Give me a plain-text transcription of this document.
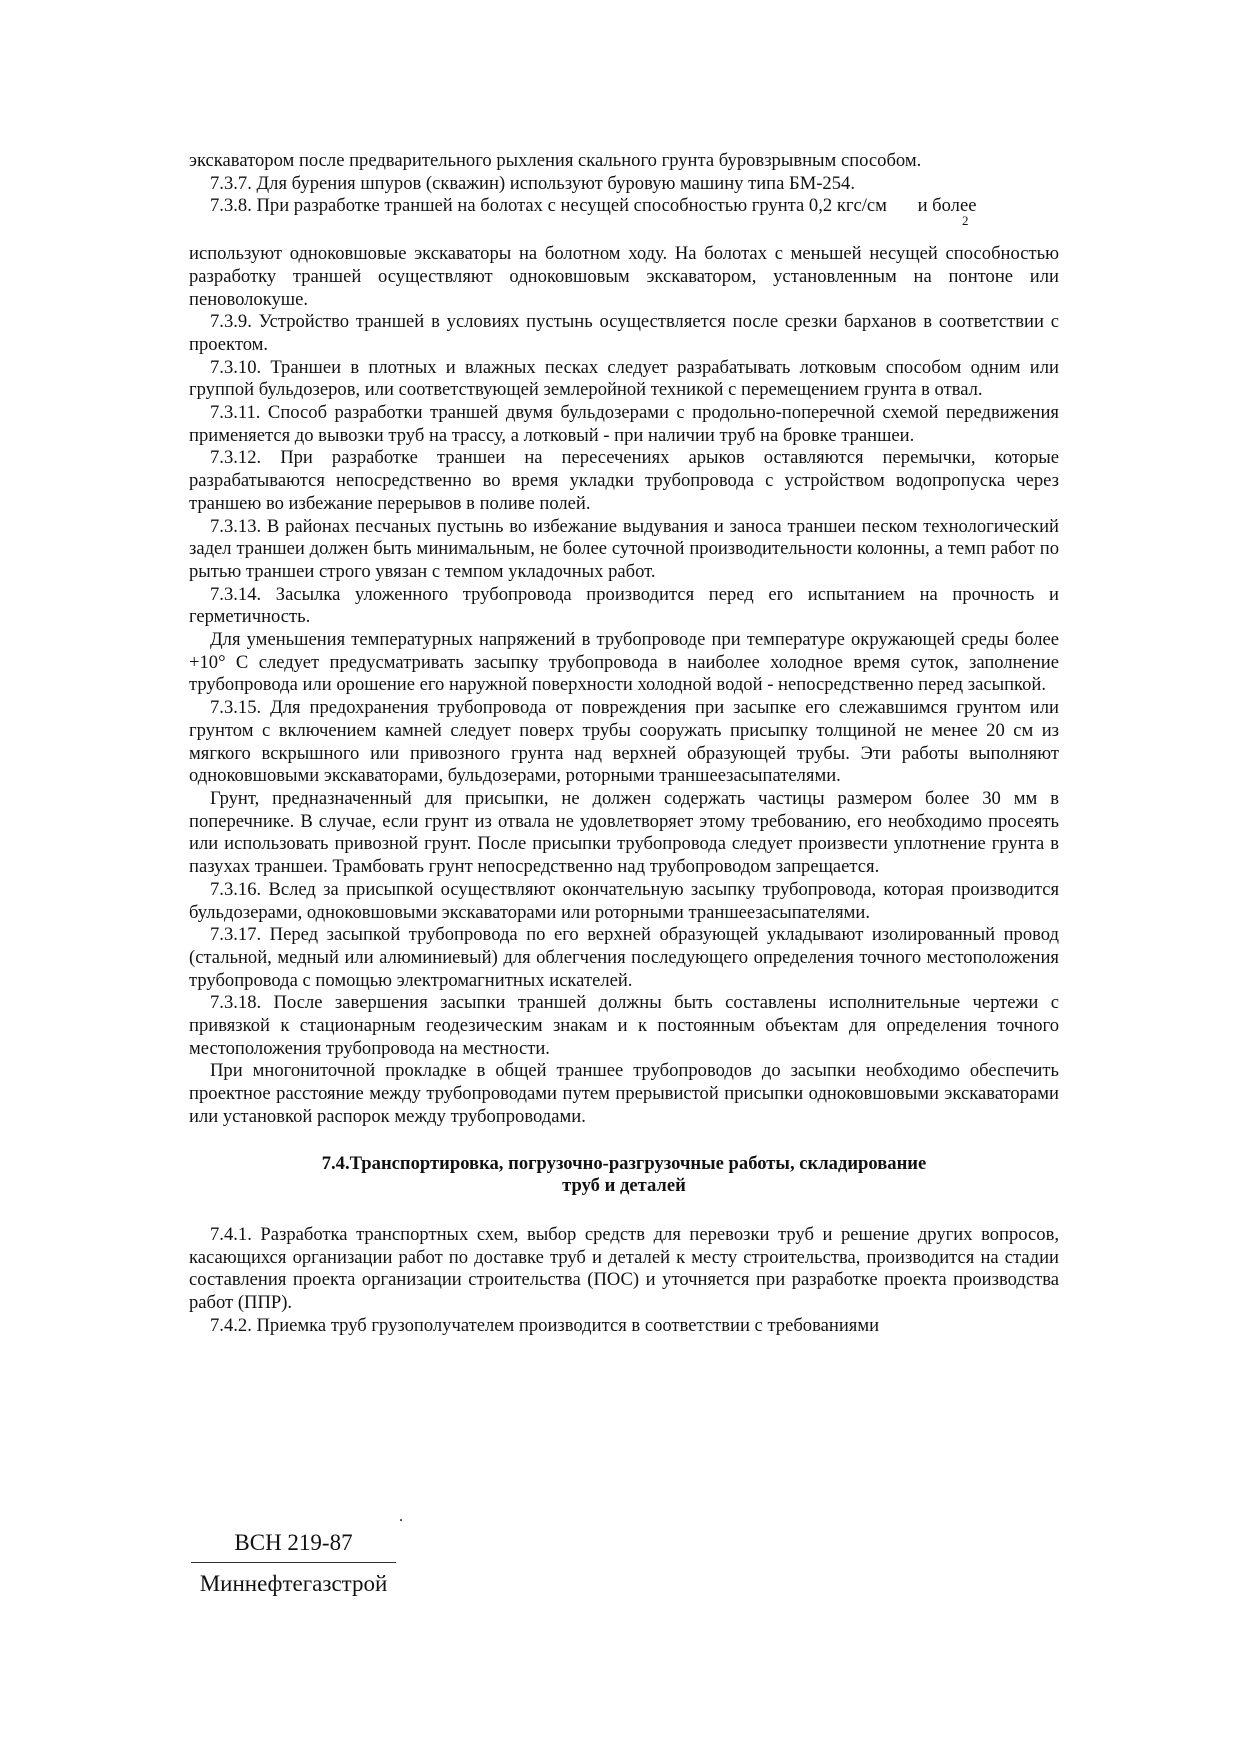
экскаватором после предварительного рыхления скального грунта буровзрывным способом.

7.3.7. Для бурения шпуров (скважин) используют буровую машину типа БМ-254.

7.3.8. При разработке траншей на болотах с несущей способностью грунта 0,2 кгс/см и более

2

используют одноковшовые экскаваторы на болотном ходу. На болотах с меньшей несущей способностью разработку траншей осуществляют одноковшовым экскаватором, установленным на понтоне или пеноволокуше.

7.3.9. Устройство траншей в условиях пустынь осуществляется после срезки барханов в соответствии с проектом.

7.3.10. Траншеи в плотных и влажных песках следует разрабатывать лотковым способом одним или группой бульдозеров, или соответствующей землеройной техникой с перемещением грунта в отвал.

7.3.11. Способ разработки траншей двумя бульдозерами с продольно-поперечной схемой передвижения применяется до вывозки труб на трассу, а лотковый - при наличии труб на бровке траншеи.

7.3.12. При разработке траншеи на пересечениях арыков оставляются перемычки, которые разрабатываются непосредственно во время укладки трубопровода с устройством водопропуска через траншею во избежание перерывов в поливе полей.

7.3.13. В районах песчаных пустынь во избежание выдувания и заноса траншеи песком технологический задел траншеи должен быть минимальным, не более суточной производительности колонны, а темп работ по рытью траншеи строго увязан с темпом укладочных работ.

7.3.14. Засылка уложенного трубопровода производится перед его испытанием на прочность и герметичность.

Для уменьшения температурных напряжений в трубопроводе при температуре окружающей среды более +10° С следует предусматривать засыпку трубопровода в наиболее холодное время суток, заполнение трубопровода или орошение его наружной поверхности холодной водой - непосредственно перед засыпкой.

7.3.15. Для предохранения трубопровода от повреждения при засыпке его слежавшимся грунтом или грунтом с включением камней следует поверх трубы сооружать присыпку толщиной не менее 20 см из мягкого вскрышного или привозного грунта над верхней образующей трубы. Эти работы выполняют одноковшовыми экскаваторами, бульдозерами, роторными траншеезасыпателями.

Грунт, предназначенный для присыпки, не должен содержать частицы размером более 30 мм в поперечнике. В случае, если грунт из отвала не удовлетворяет этому требованию, его необходимо просеять или использовать привозной грунт. После присыпки трубопровода следует произвести уплотнение грунта в пазухах траншеи. Трамбовать грунт непосредственно над трубопроводом запрещается.

7.3.16. Вслед за присыпкой осуществляют окончательную засыпку трубопровода, которая производится бульдозерами, одноковшовыми экскаваторами или роторными траншеезасыпателями.

7.3.17. Перед засыпкой трубопровода по его верхней образующей укладывают изолированный провод (стальной, медный или алюминиевый) для облегчения последующего определения точного местоположения трубопровода с помощью электромагнитных искателей.

7.3.18. После завершения засыпки траншей должны быть составлены исполнительные чертежи с привязкой к стационарным геодезическим знакам и к постоянным объектам для определения точного местоположения трубопровода на местности.

При многониточной прокладке в общей траншее трубопроводов до засыпки необходимо обеспечить проектное расстояние между трубопроводами путем прерывистой присыпки одноковшовыми экскаваторами или установкой распорок между трубопроводами.

7.4.Транспортировка, погрузочно-разгрузочные работы, складирование
труб и деталей

7.4.1. Разработка транспортных схем, выбор средств для перевозки труб и решение других вопросов, касающихся организации работ по доставке труб и деталей к месту строительства, производится на стадии составления проекта организации строительства (ПОС) и уточняется при разработке проекта производства работ (ППР).

7.4.2. Приемка труб грузополучателем производится в соответствии с требованиями

.
ВСН 219-87
Миннефтегазстрой
